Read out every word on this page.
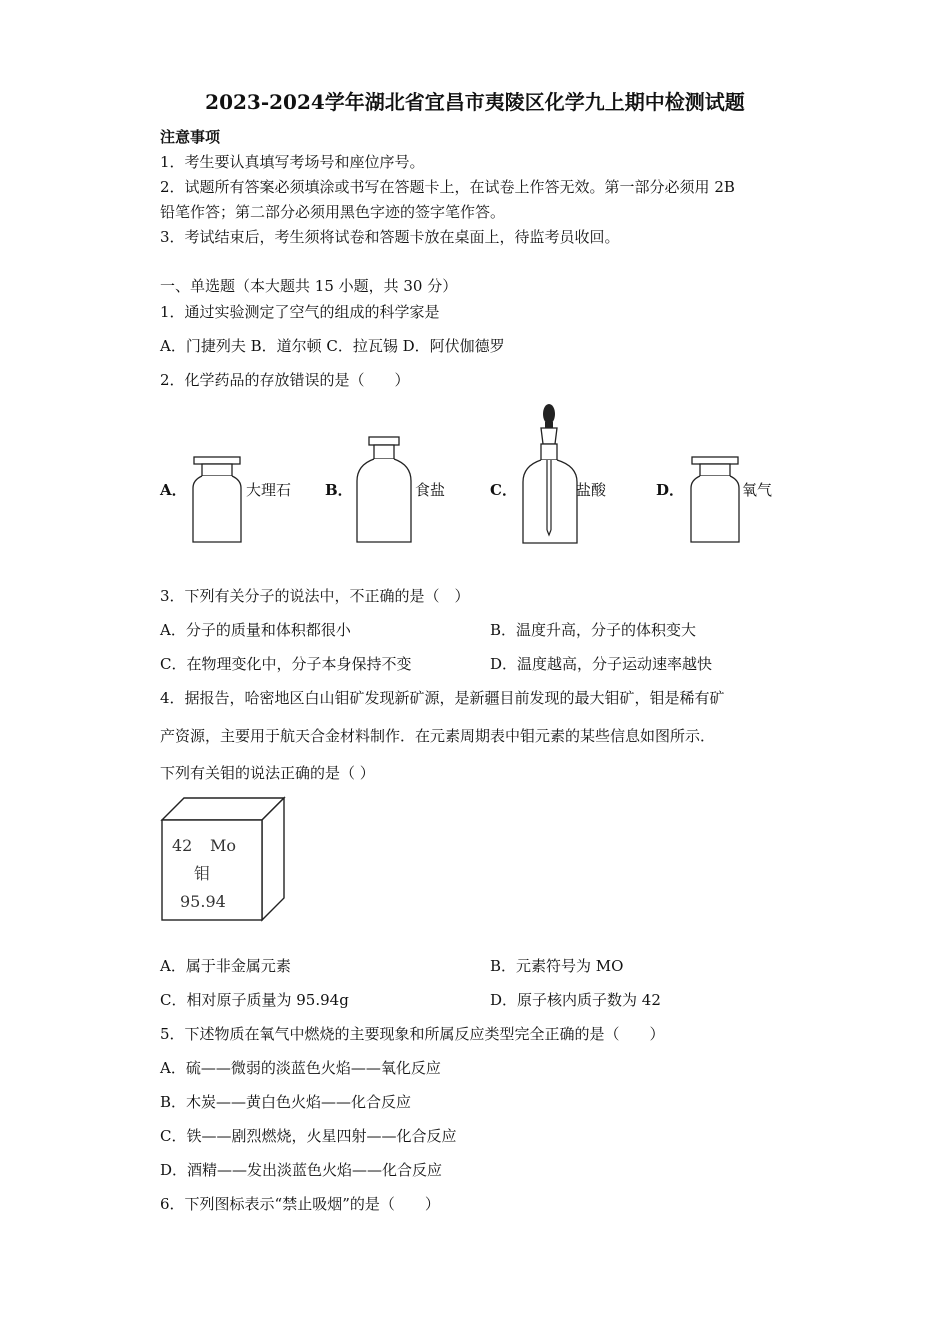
2023-2024学年湖北省宜昌市夷陵区化学九上期中检测试题
注意事项
1．考生要认真填写考场号和座位序号。
2．试题所有答案必须填涂或书写在答题卡上，在试卷上作答无效。第一部分必须用 2B
铅笔作答；第二部分必须用黑色字迹的签字笔作答。
3．考试结束后，考生须将试卷和答题卡放在桌面上，待监考员收回。
一、单选题（本大题共 15 小题，共 30 分）
1．通过实验测定了空气的组成的科学家是
A．门捷列夫 B．道尔顿 C．拉瓦锡 D．阿伏伽德罗
2．化学药品的存放错误的是（　　）
A．	大理石 B．	食盐	C．	盐酸	D．	氧气
3．下列有关分子的说法中，不正确的是（　）
A．分子的质量和体积都很小	B．温度升高，分子的体积变大
C．在物理变化中，分子本身保持不变	D．温度越高，分子运动速率越快
4．据报告，哈密地区白山钼矿发现新矿源，是新疆目前发现的最大钼矿，钼是稀有矿
产资源，主要用于航天合金材料制作．在元素周期表中钼元素的某些信息如图所示．
下列有关钼的说法正确的是（ ）
42 Mo
钼
95.94
A．属于非金属元素	B．元素符号为 MO
C．相对原子质量为 95.94g	D．原子核内质子数为 42
5．下述物质在氧气中燃烧的主要现象和所属反应类型完全正确的是（　　）
A．硫——微弱的淡蓝色火焰——氧化反应
B．木炭——黄白色火焰——化合反应
C．铁——剧烈燃烧，火星四射——化合反应
D．酒精——发出淡蓝色火焰——化合反应
6．下列图标表示“禁止吸烟”的是（　　）
